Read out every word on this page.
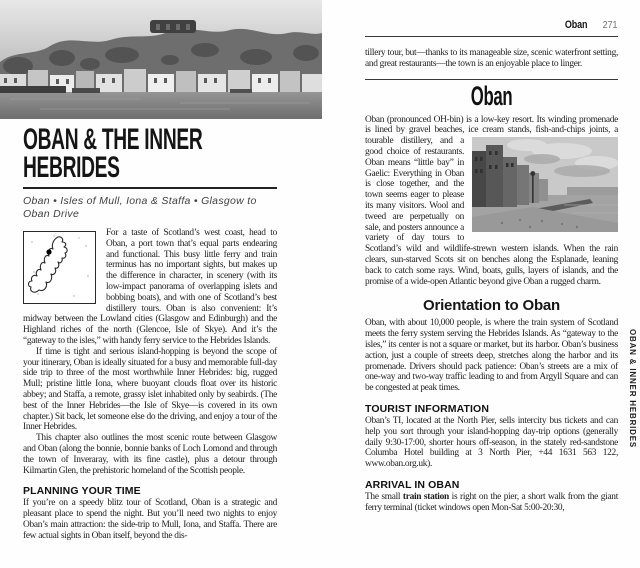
OBAN & THE INNER
HEBRIDES
Oban • Isles of Mull, Iona & Staffa • Glasgow to Oban Drive

For a taste of Scotland’s west coast, head to Oban, a port town that’s equal parts endearing and functional. This busy little ferry and train terminus has no important sights, but makes up the difference in character, in scenery (with its low-impact panorama of overlapping islets and bobbing boats), and with one of Scotland’s best distillery tours. Oban is also convenient: It’s midway between the Lowland cities (Glasgow and Edinburgh) and the Highland riches of the north (Glencoe, Isle of Skye). And it’s the “gateway to the isles,” with handy ferry service to the Hebrides Islands.

If time is tight and serious island-hopping is beyond the scope of your itinerary, Oban is ideally situated for a busy and memorable full-day side trip to three of the most worthwhile Inner Hebrides: big, rugged Mull; pristine little Iona, where buoyant clouds float over its historic abbey; and Staffa, a remote, grassy islet inhabited only by seabirds. (The best of the Inner Hebrides—the Isle of Skye—is covered in its own chapter.) Sit back, let someone else do the driving, and enjoy a tour of the Inner Hebrides.

This chapter also outlines the most scenic route between Glasgow and Oban (along the bonnie, bonnie banks of Loch Lomond and through the town of Inveraray, with its fine castle), plus a detour through Kilmartin Glen, the prehistoric homeland of the Scottish people.

PLANNING YOUR TIME

If you’re on a speedy blitz tour of Scotland, Oban is a strategic and pleasant place to spend the night. But you’ll need two nights to enjoy Oban’s main attraction: the side-trip to Mull, Iona, and Staffa. There are few actual sights in Oban itself, beyond the dis-

Oban 271

tillery tour, but—thanks to its manageable size, scenic waterfront setting, and great restaurants—the town is an enjoyable place to linger.

Oban

Oban (pronounced OH-bin) is a low-key resort. Its winding promenade is lined by gravel beaches, ice cream stands, fish-and-chips joints, a tourable distillery, and a good choice of restaurants. Oban means “little bay” in Gaelic: Everything in Oban is close together, and the town seems eager to please its many visitors. Wool and tweed are perpetually on sale, and posters announce a variety of day tours to Scotland’s wild and wildlife-strewn western islands. When the rain clears, sun-starved Scots sit on benches along the Esplanade, leaning back to catch some rays. Wind, boats, gulls, layers of islands, and the promise of a wide-open Atlantic beyond give Oban a rugged charm.

Orientation to Oban

Oban, with about 10,000 people, is where the train system of Scotland meets the ferry system serving the Hebrides Islands. As “gateway to the isles,” its center is not a square or market, but its harbor. Oban’s business action, just a couple of streets deep, stretches along the harbor and its promenade. Drivers should pack patience: Oban’s streets are a mix of one-way and two-way traffic leading to and from Argyll Square and can be congested at peak times.

TOURIST INFORMATION

Oban’s TI, located at the North Pier, sells intercity bus tickets and can help you sort through your island-hopping day-trip options (generally daily 9:30-17:00, shorter hours off-season, in the stately red-sandstone Columba Hotel building at 3 North Pier, +44 1631 563 122, www.oban.org.uk).

ARRIVAL IN OBAN

The small train station is right on the pier, a short walk from the giant ferry terminal (ticket windows open Mon-Sat 5:00-20:30,

OBAN & INNER HEBRIDES
